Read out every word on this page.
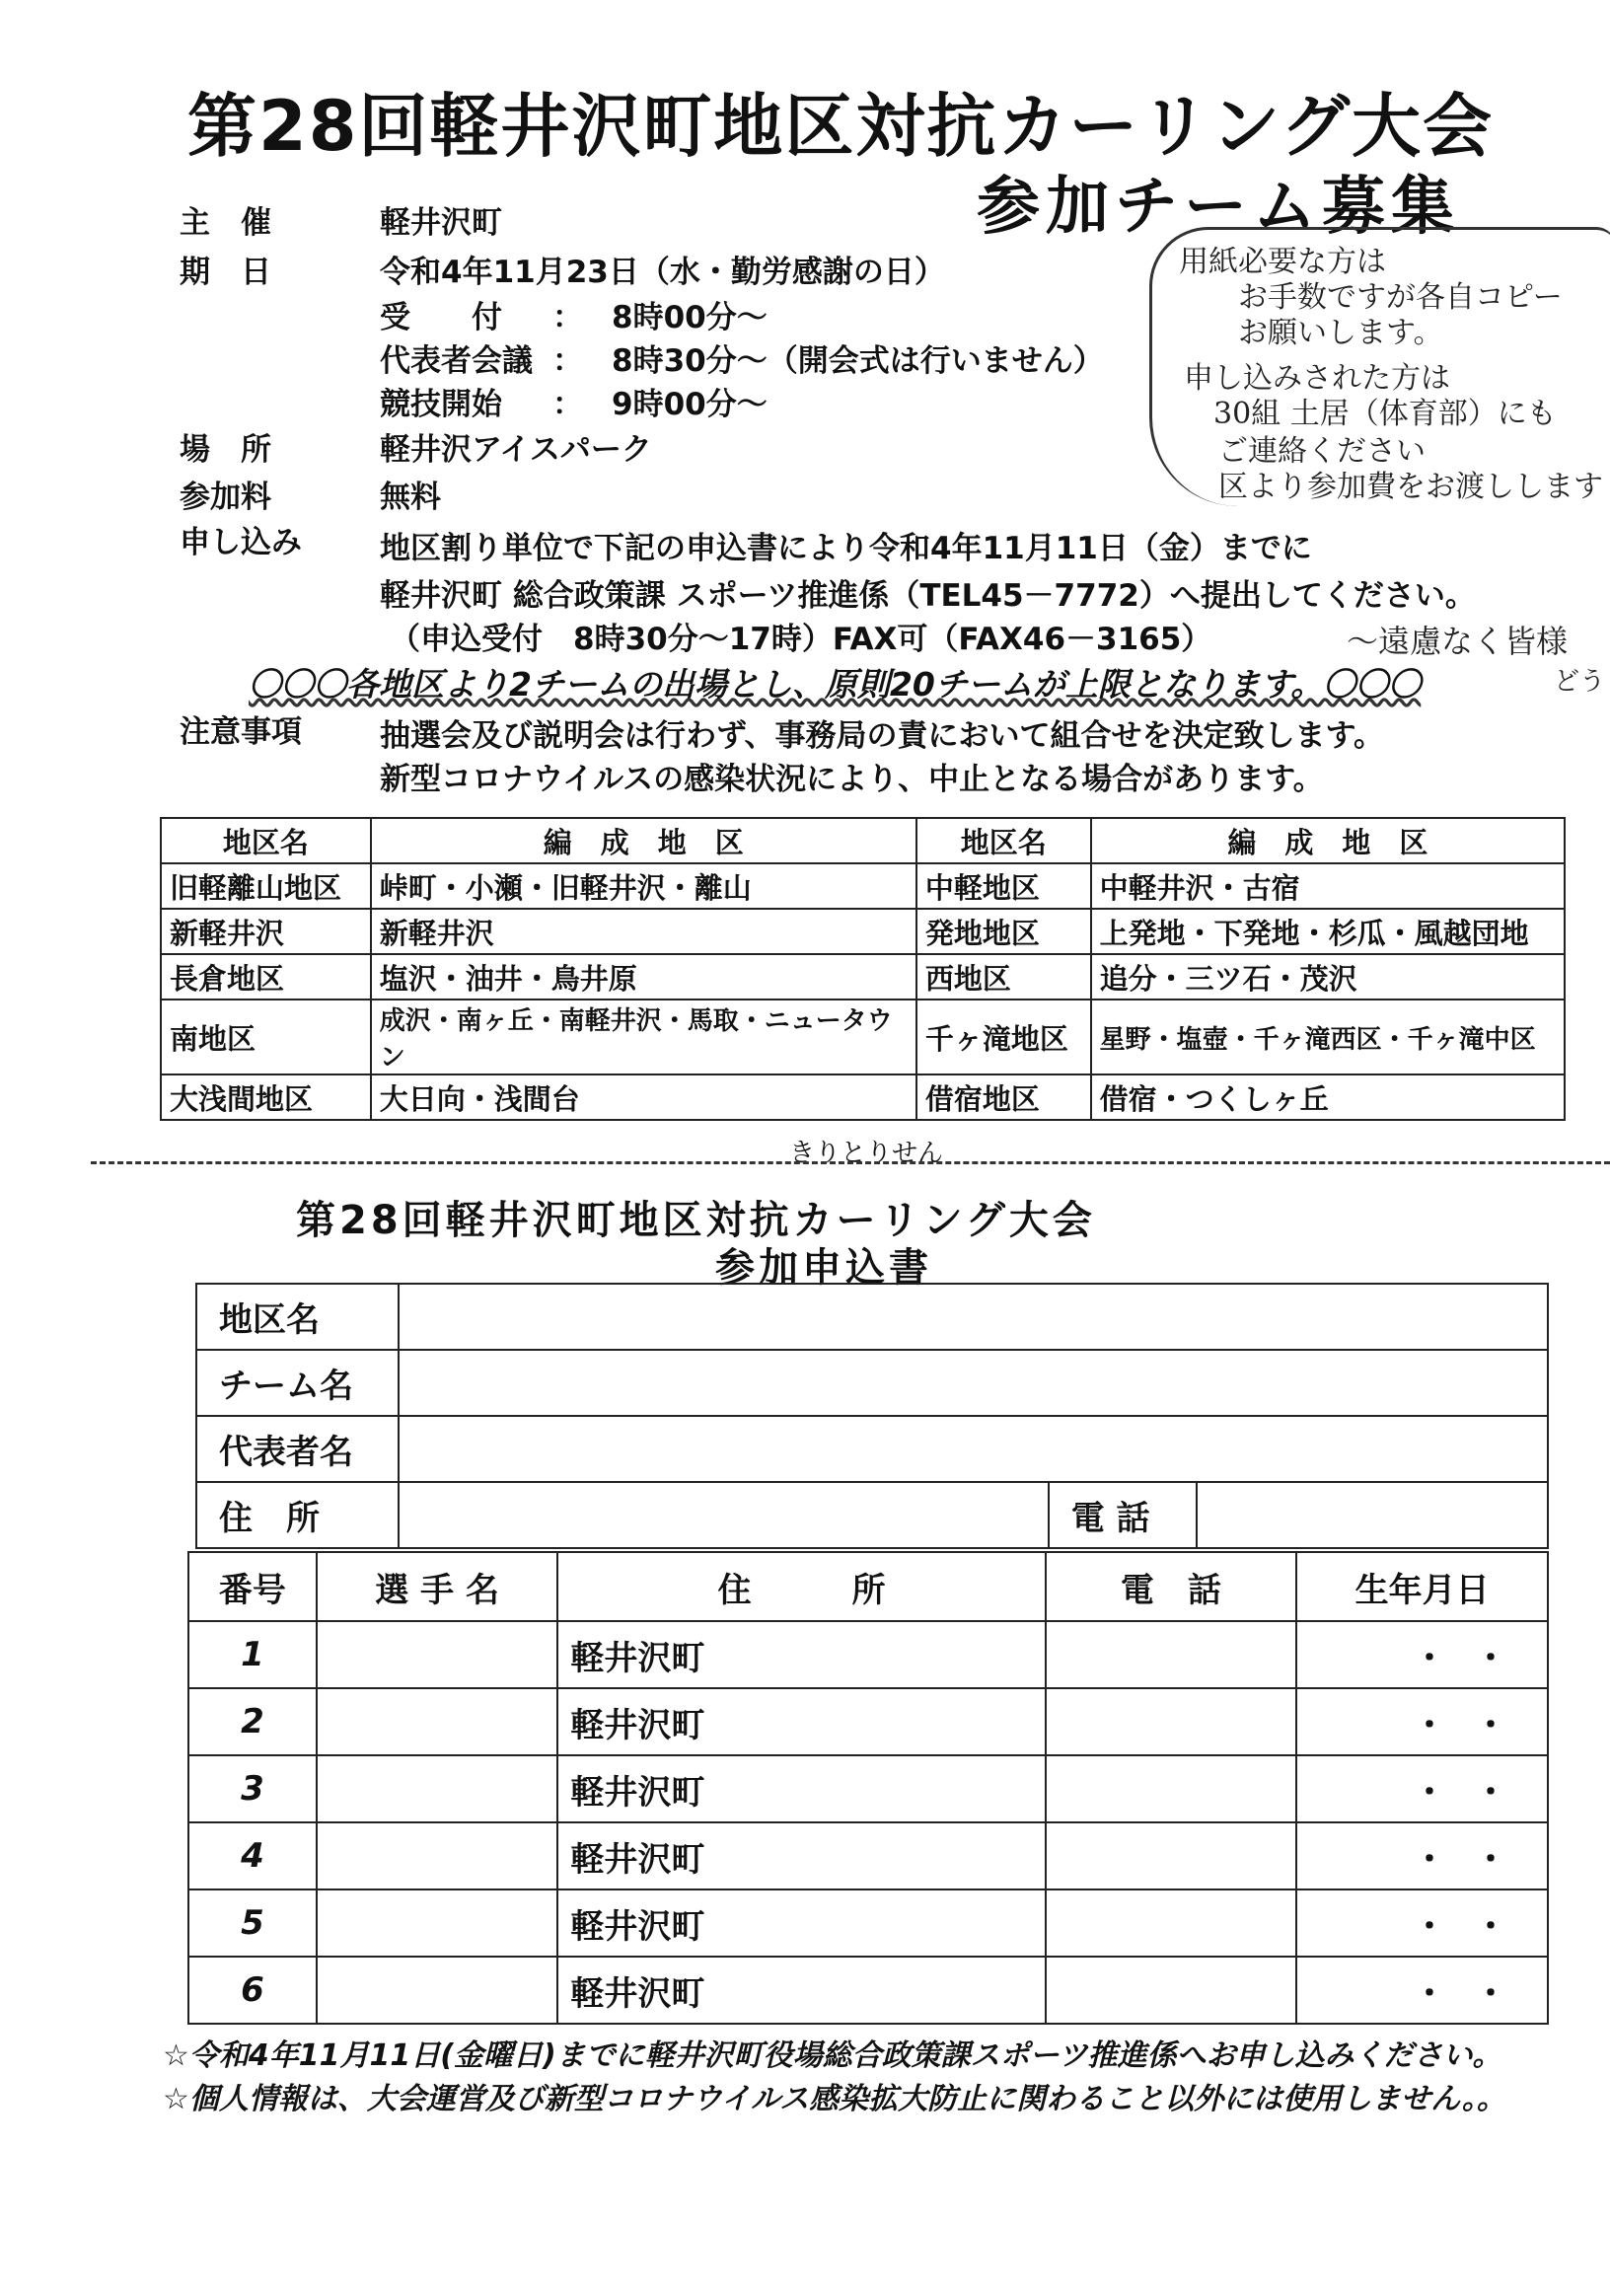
第28回軽井沢町地区対抗カーリング大会
参加チーム募集
主　催	軽井沢町
期　日	令和4年11月23日（水・勤労感謝の日）
受　　付 ： 8時00分～
代表者会議 ： 8時30分～（開会式は行いません）
競技開始 ： 9時00分～
場　所	軽井沢アイスパーク
参加料	無料
申し込み	地区割り単位で下記の申込書により令和4年11月11日（金）までに
軽井沢町 総合政策課 スポーツ推進係（TEL45－7772）へ提出してください。
（申込受付　8時30分～17時）FAX可（FAX46－3165）
〇〇〇各地区より2チームの出場とし、原則20チームが上限となります。〇〇〇
注意事項	抽選会及び説明会は行わず、事務局の責において組合せを決定致します。
新型コロナウイルスの感染状況により、中止となる場合があります。
用紙必要な方は
お手数ですが各自コピー
お願いします。
申し込みされた方は
30組 土居（体育部）にも
ご連絡ください
区より参加費をお渡しします
〜遠慮なく皆様
どう
地区名	編　成　地　区	地区名	編　成　地　区
旧軽離山地区	峠町・小瀬・旧軽井沢・離山	中軽地区	中軽井沢・古宿
新軽井沢	新軽井沢	発地地区	上発地・下発地・杉瓜・風越団地
長倉地区	塩沢・油井・鳥井原	西地区	追分・三ツ石・茂沢
南地区	成沢・南ヶ丘・南軽井沢・馬取・ニュータウン	千ヶ滝地区	星野・塩壺・千ヶ滝西区・千ヶ滝中区
大浅間地区	大日向・浅間台	借宿地区	借宿・つくしヶ丘
きりとりせん
第28回軽井沢町地区対抗カーリング大会
参加申込書
地区名			
チーム名			
代表者名			
住　所		電 話	
番号	選 手 名	住　　　所	電　話	生年月日
1		軽井沢町		・・
2		軽井沢町		・・
3		軽井沢町		・・
4		軽井沢町		・・
5		軽井沢町		・・
6		軽井沢町		・・
☆令和4年11月11日(金曜日)までに軽井沢町役場総合政策課スポーツ推進係へお申し込みください。
☆個人情報は、大会運営及び新型コロナウイルス感染拡大防止に関わること以外には使用しません。。
